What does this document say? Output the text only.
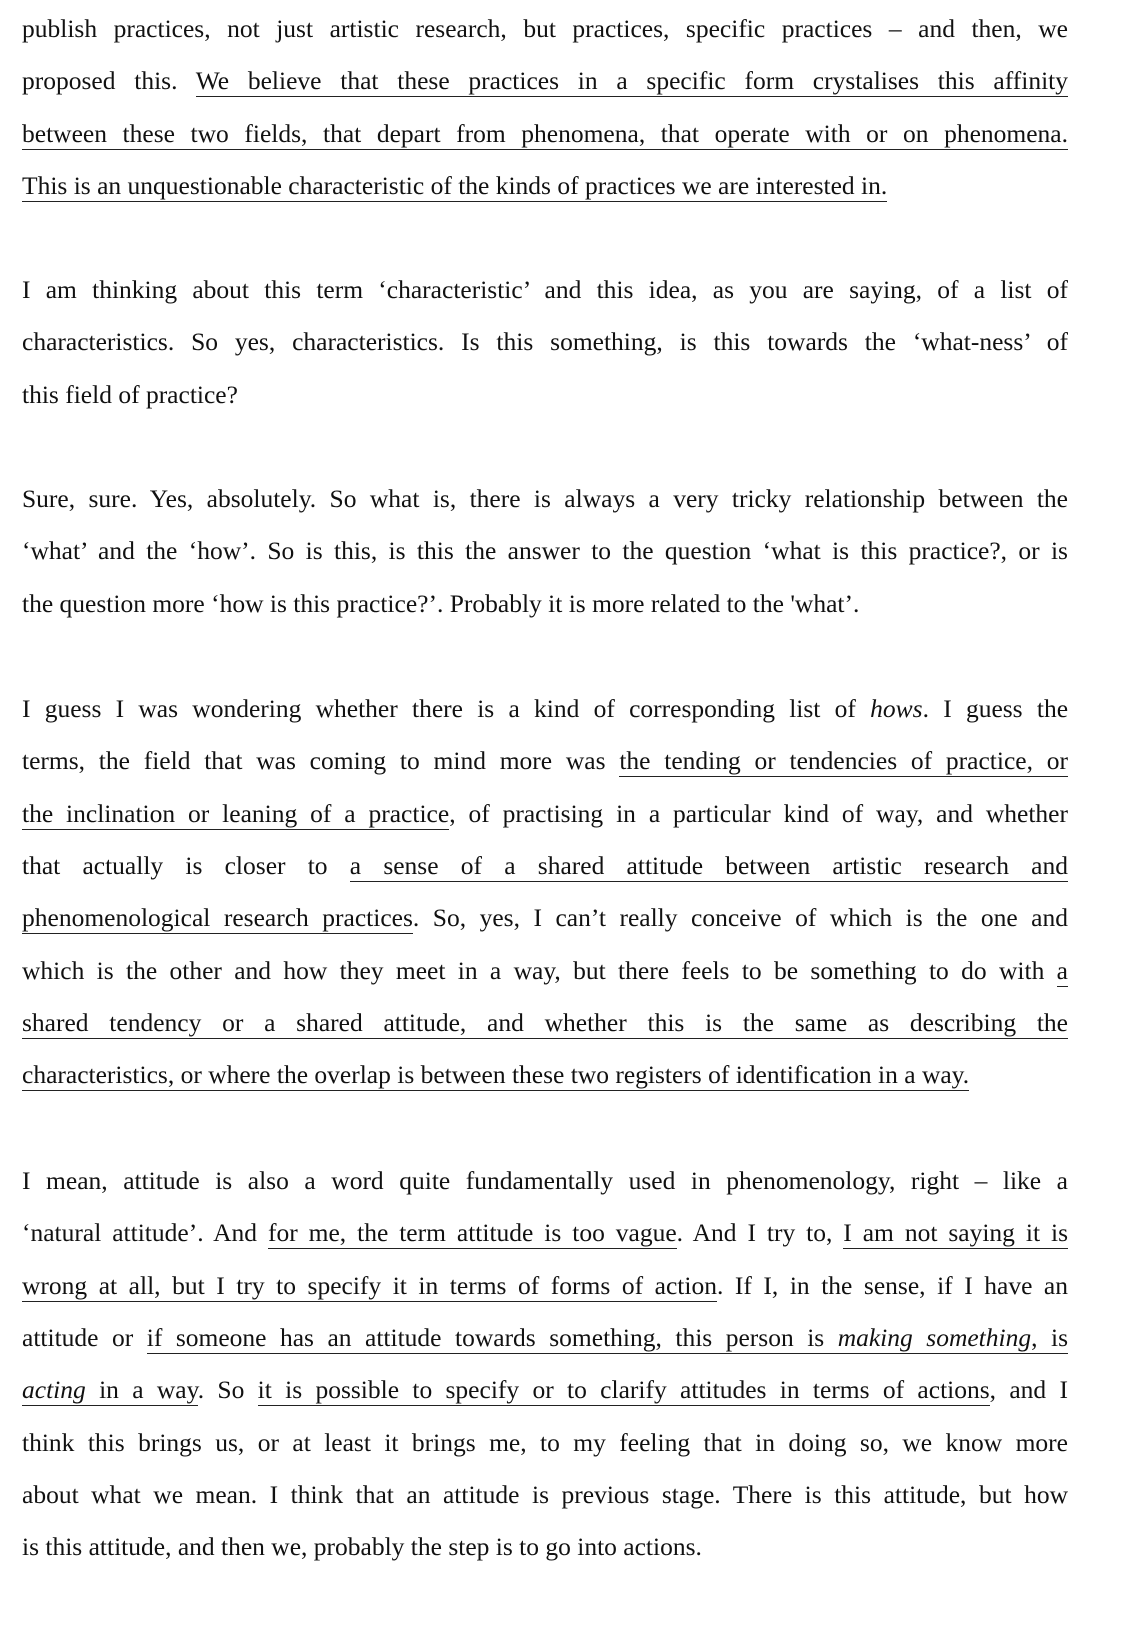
publish practices, not just artistic research, but practices, specific practices – and then, we
proposed this. We believe that these practices in a specific form crystalises this affinity
between these two fields, that depart from phenomena, that operate with or on phenomena.
This is an unquestionable characteristic of the kinds of practices we are interested in.
I am thinking about this term ‘characteristic’ and this idea, as you are saying, of a list of
characteristics. So yes, characteristics. Is this something, is this towards the ‘what-ness’ of
this field of practice?
Sure, sure. Yes, absolutely. So what is, there is always a very tricky relationship between the
‘what’ and the ‘how’. So is this, is this the answer to the question ‘what is this practice?, or is
the question more ‘how is this practice?’. Probably it is more related to the 'what’.
I guess I was wondering whether there is a kind of corresponding list of hows. I guess the
terms, the field that was coming to mind more was the tending or tendencies of practice, or
the inclination or leaning of a practice, of practising in a particular kind of way, and whether
that actually is closer to a sense of a shared attitude between artistic research and
phenomenological research practices. So, yes, I can’t really conceive of which is the one and
which is the other and how they meet in a way, but there feels to be something to do with a
shared tendency or a shared attitude, and whether this is the same as describing the
characteristics, or where the overlap is between these two registers of identification in a way.
I mean, attitude is also a word quite fundamentally used in phenomenology, right – like a
‘natural attitude’. And for me, the term attitude is too vague. And I try to, I am not saying it is
wrong at all, but I try to specify it in terms of forms of action. If I, in the sense, if I have an
attitude or if someone has an attitude towards something, this person is making something, is
acting in a way. So it is possible to specify or to clarify attitudes in terms of actions, and I
think this brings us, or at least it brings me, to my feeling that in doing so, we know more
about what we mean. I think that an attitude is previous stage. There is this attitude, but how
is this attitude, and then we, probably the step is to go into actions.
